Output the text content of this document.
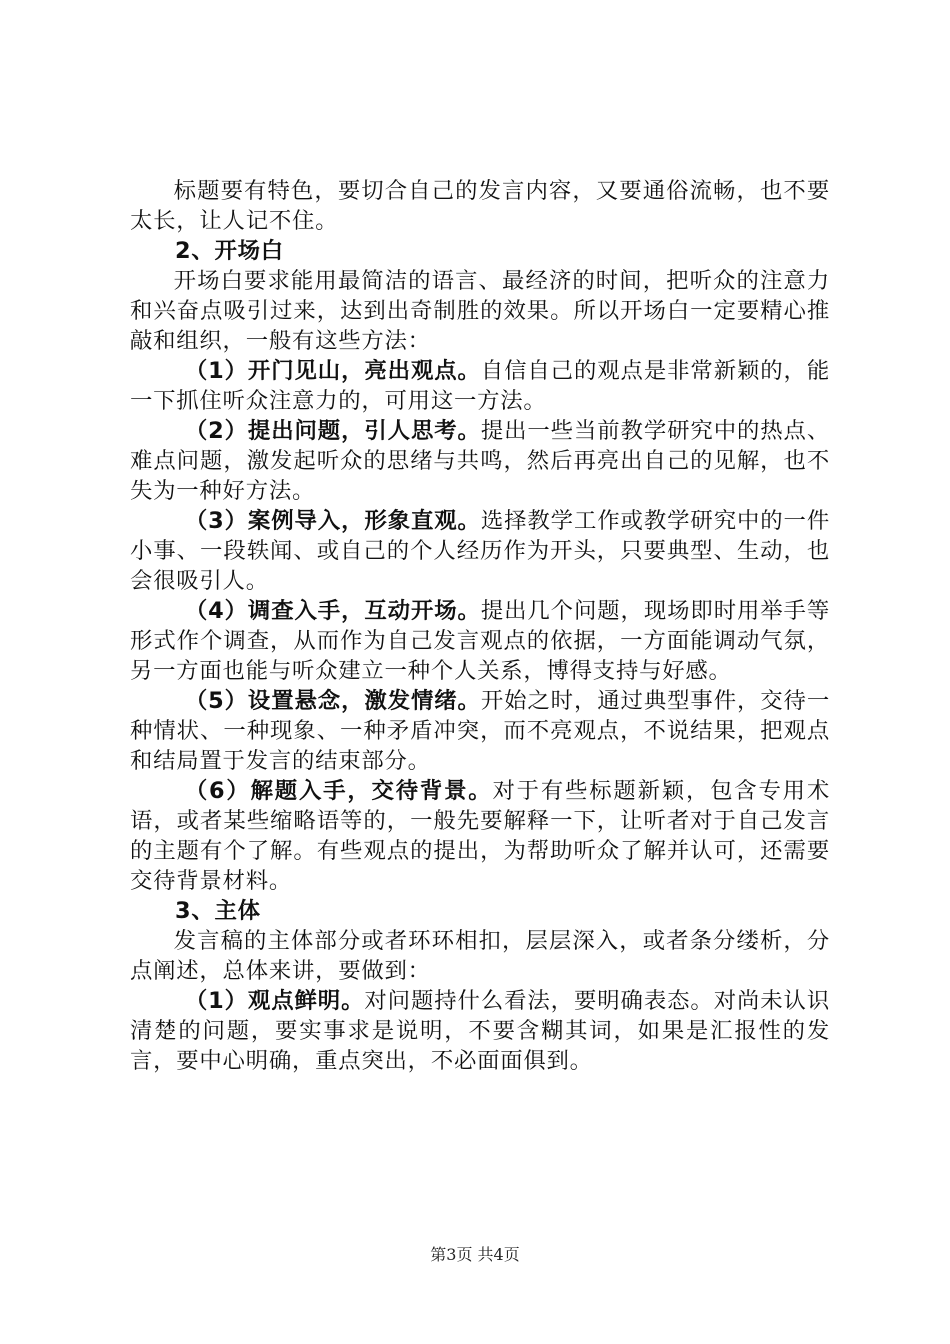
标题要有特色，要切合自己的发言内容，又要通俗流畅，也不要太长，让人记不住。

2、开场白

开场白要求能用最简洁的语言、最经济的时间，把听众的注意力和兴奋点吸引过来，达到出奇制胜的效果。所以开场白一定要精心推敲和组织，一般有这些方法：

（1）开门见山，亮出观点。自信自己的观点是非常新颖的，能一下抓住听众注意力的，可用这一方法。

（2）提出问题，引人思考。提出一些当前教学研究中的热点、难点问题，激发起听众的思绪与共鸣，然后再亮出自己的见解，也不失为一种好方法。

（3）案例导入，形象直观。选择教学工作或教学研究中的一件小事、一段轶闻、或自己的个人经历作为开头，只要典型、生动，也会很吸引人。

（4）调查入手，互动开场。提出几个问题，现场即时用举手等形式作个调查，从而作为自己发言观点的依据，一方面能调动气氛，另一方面也能与听众建立一种个人关系，博得支持与好感。

（5）设置悬念，激发情绪。开始之时，通过典型事件，交待一种情状、一种现象、一种矛盾冲突，而不亮观点，不说结果，把观点和结局置于发言的结束部分。

（6）解题入手，交待背景。对于有些标题新颖，包含专用术语，或者某些缩略语等的，一般先要解释一下，让听者对于自己发言的主题有个了解。有些观点的提出，为帮助听众了解并认可，还需要交待背景材料。

3、主体

发言稿的主体部分或者环环相扣，层层深入，或者条分缕析，分点阐述，总体来讲，要做到：

（1）观点鲜明。对问题持什么看法，要明确表态。对尚未认识清楚的问题，要实事求是说明，不要含糊其词，如果是汇报性的发言，要中心明确，重点突出，不必面面俱到。

第3页 共4页
